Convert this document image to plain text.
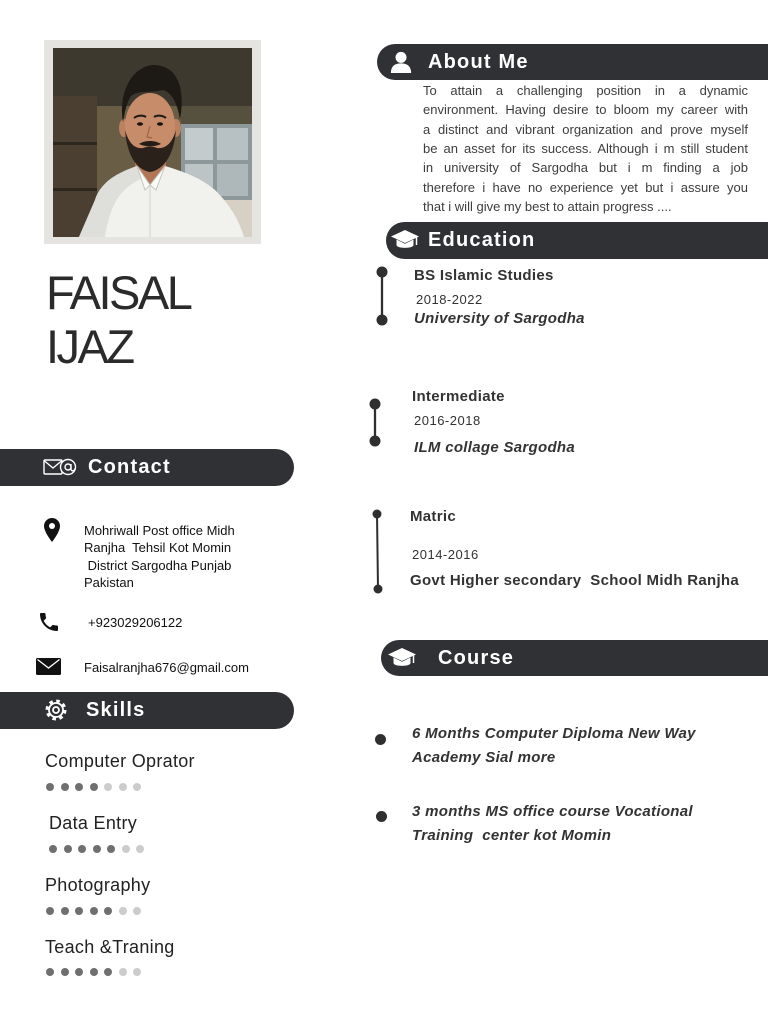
FAISAL
IJAZ
Contact
Mohriwall Post office Midh
Ranjha  Tehsil Kot Momin
District Sargodha Punjab
Pakistan
+923029206122
Faisalranjha676@gmail.com
Skills
Computer Oprator
Data Entry
Photography
Teach &Traning
About Me
To attain a challenging position in a dynamic
environment. Having desire to bloom my career with
a distinct and vibrant organization and prove myself
be an asset for its success. Although i m still student
in university of Sargodha but i m finding a job
therefore i have no experience yet but i assure you
that i will give my best to attain progress ....
Education
BS Islamic Studies
2018-2022
University of Sargodha
Intermediate
2016-2018
ILM collage Sargodha
Matric
2014-2016
Govt Higher secondary  School Midh Ranjha
Course
6 Months Computer Diploma New Way
Academy Sial more
3 months MS office course Vocational
Training  center kot Momin
